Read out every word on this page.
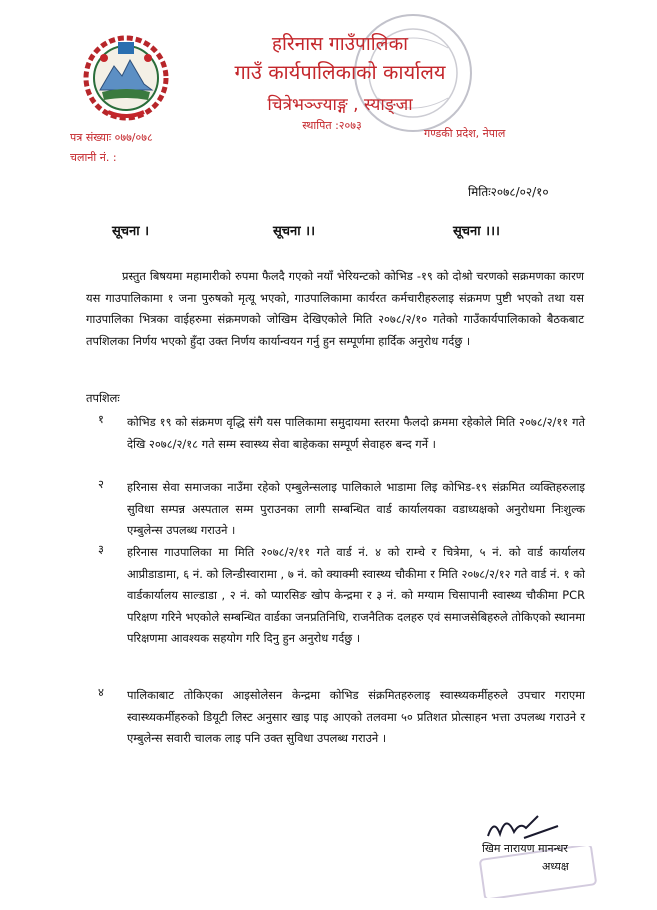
हरिनास गाउँपालिका
गाउँ कार्यपालिकाको कार्यालय
चित्रेभञ्ज्याङ्ग , स्याङ्जा
स्थापित :२०७३
गण्डकी प्रदेश, नेपाल
पत्र संख्याः ०७७/०७८
चलानी नं. :
मितिः२०७८/०२/१०
सूचना ।	सूचना ।।	सूचना ।।।
प्रस्तुत बिषयमा महामारीको रुपमा फैलदै गएको नयाँ भेरियन्टको कोभिड -१९ को दोश्रो चरणको सक्रमणका कारण यस गाउपालिकामा १ जना पुरुषको मृत्यू भएको, गाउपालिकामा कार्यरत कर्मचारीहरुलाइ संक्रमण पुष्टी भएको तथा यस गाउपालिका भित्रका वाईहरुमा संक्रमणको जोखिम देखिएकोले मिति २०७८/२/१० गतेको गाउँकार्यपालिकाको बैठकबाट तपशिलका निर्णय भएको हुँदा उक्त निर्णय कार्यान्वयन गर्नु हुन सम्पूर्णमा हार्दिक अनुरोध गर्दछु ।
तपशिलः
१ कोभिड १९ को संक्रमण वृद्धि संगै यस पालिकामा समुदायमा स्तरमा फैलदो क्रममा रहेकोले मिति २०७८/२/११ गते देखि २०७८/२/१८ गते सम्म स्वास्थ्य सेवा बाहेकका सम्पूर्ण सेवाहरु बन्द गर्ने ।
२ हरिनास सेवा समाजका नाउँमा रहेको एम्बुलेन्सलाइ पालिकाले भाडामा लिइ कोभिड-१९ संक्रमित व्यक्तिहरुलाइ सुविधा सम्पन्न अस्पताल सम्म पुराउनका लागी सम्बन्धित वार्ड कार्यालयका वडाध्यक्षको अनुरोधमा निःशुल्क एम्बुलेन्स उपलब्ध गराउने ।
३ हरिनास गाउपालिका मा मिति २०७८/२/११ गते वार्ड नं. ४ को राम्चे र चित्रेमा, ५ नं. को वार्ड कार्यालय आप्रीडाडामा, ६ नं. को लिन्डीस्वारामा , ७ नं. को क्याक्मी स्वास्थ्य चौकीमा र मिति २०७८/२/१२ गते वार्ड नं. १ को वार्डकार्यालय साल्डाडा , २ नं. को प्यारसिङ खोप केन्द्रमा र ३ नं. को मग्याम चिसापानी स्वास्थ्य चौकीमा PCR परिक्षण गरिने भएकोले सम्बन्धित वार्डका जनप्रतिनिधि, राजनैतिक दलहरु एवं समाजसेबिहरुले तोकिएको स्थानमा परिक्षणमा आवश्यक सहयोग गरि दिनु हुन अनुरोध गर्दछु ।
४ पालिकाबाट तोकिएका आइसोलेसन केन्द्रमा कोभिड संक्रमितहरुलाइ स्वास्थ्यकर्मीहरुले उपचार गराएमा स्वास्थ्यकर्मीहरुको डियूटी लिस्ट अनुसार खाइ पाइ आएको तलवमा ५० प्रतिशत प्रोत्साहन भत्ता उपलब्ध गराउने र एम्बुलेन्स सवारी चालक लाइ पनि उक्त सुविधा उपलब्ध गराउने ।
खिम नारायण मानन्धर
अध्यक्ष
